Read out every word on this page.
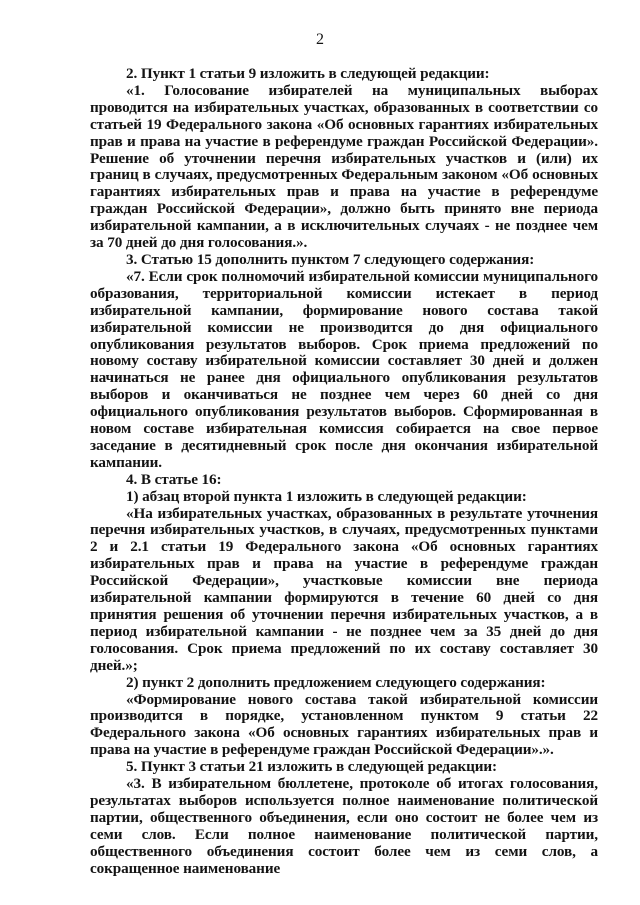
2

2. Пункт 1 статьи 9 изложить в следующей редакции:

«1. Голосование избирателей на муниципальных выборах проводится на избирательных участках, образованных в соответствии со статьей 19 Федерального закона «Об основных гарантиях избирательных прав и права на участие в референдуме граждан Российской Федерации». Решение об уточнении перечня избирательных участков и (или) их границ в случаях, предусмотренных Федеральным законом «Об основных гарантиях избирательных прав и права на участие в референдуме граждан Российской Федерации», должно быть принято вне периода избирательной кампании, а в исключительных случаях - не позднее чем за 70 дней до дня голосования.».

3. Статью 15 дополнить пунктом 7 следующего содержания:

«7. Если срок полномочий избирательной комиссии муниципального образования, территориальной комиссии истекает в период избирательной кампании, формирование нового состава такой избирательной комиссии не производится до дня официального опубликования результатов выборов. Срок приема предложений по новому составу избирательной комиссии составляет 30 дней и должен начинаться не ранее дня официального опубликования результатов выборов и оканчиваться не позднее чем через 60 дней со дня официального опубликования результатов выборов. Сформированная в новом составе избирательная комиссия собирается на свое первое заседание в десятидневный срок после дня окончания избирательной кампании.

4. В статье 16:

1) абзац второй пункта 1 изложить в следующей редакции:

«На избирательных участках, образованных в результате уточнения перечня избирательных участков, в случаях, предусмотренных пунктами 2 и 2.1 статьи 19 Федерального закона «Об основных гарантиях избирательных прав и права на участие в референдуме граждан Российской Федерации», участковые комиссии вне периода избирательной кампании формируются в течение 60 дней со дня принятия решения об уточнении перечня избирательных участков, а в период избирательной кампании - не позднее чем за 35 дней до дня голосования. Срок приема предложений по их составу составляет 30 дней.»;

2) пункт 2 дополнить предложением следующего содержания:

«Формирование нового состава такой избирательной комиссии производится в порядке, установленном пунктом 9 статьи 22 Федерального закона «Об основных гарантиях избирательных прав и права на участие в референдуме граждан Российской Федерации».».

5. Пункт 3 статьи 21 изложить в следующей редакции:

«3. В избирательном бюллетене, протоколе об итогах голосования, результатах выборов используется полное наименование политической партии, общественного объединения, если оно состоит не более чем из семи слов. Если полное наименование политической партии, общественного объединения состоит более чем из семи слов, а сокращенное наименование
